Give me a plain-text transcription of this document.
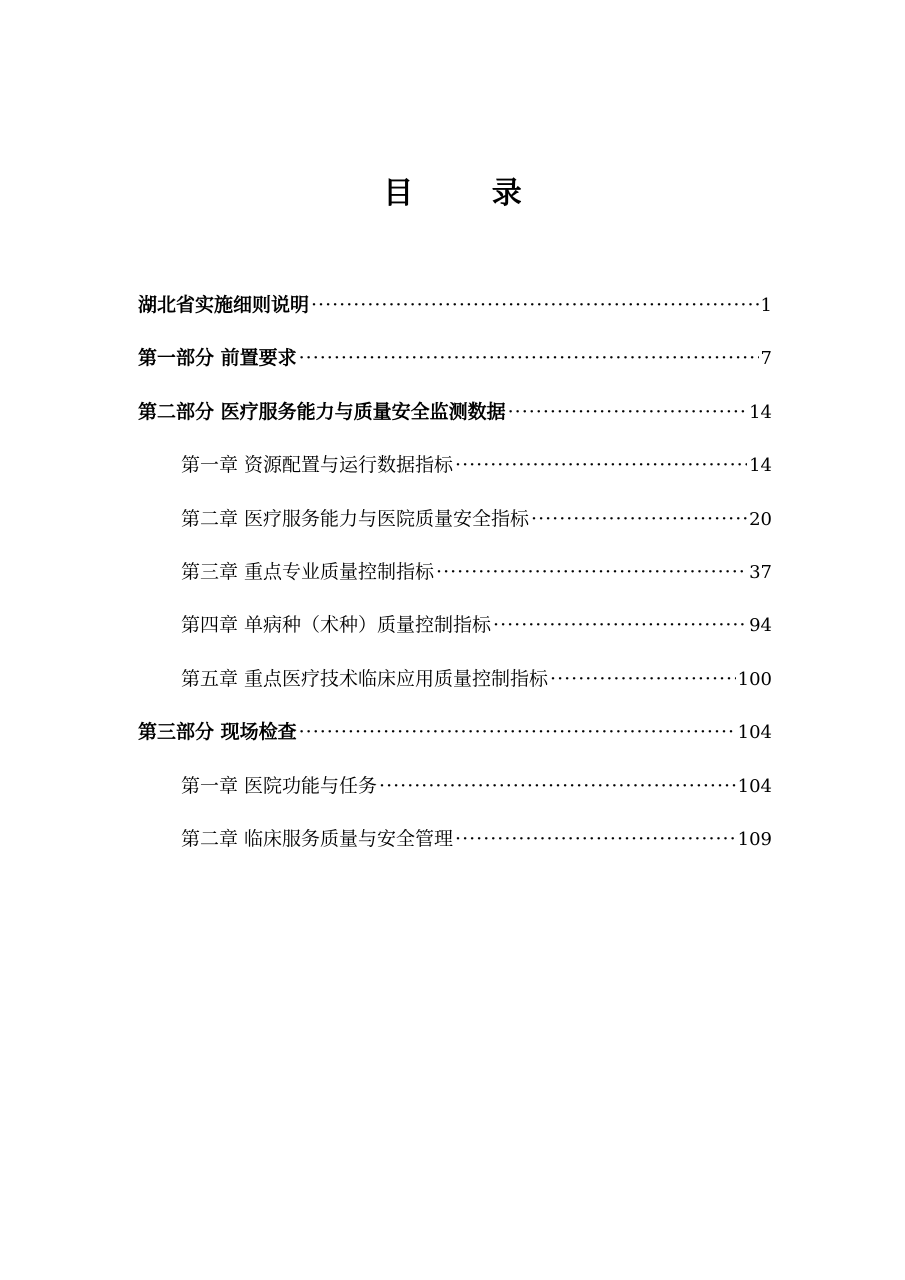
目 录
湖北省实施细则说明 ·····	1
第一部分 前置要求 ·····	7
第二部分 医疗服务能力与质量安全监测数据 ·····	14
第一章 资源配置与运行数据指标 ·····	14
第二章 医疗服务能力与医院质量安全指标 ·····	20
第三章 重点专业质量控制指标 ·····	37
第四章 单病种（术种）质量控制指标 ·····	94
第五章 重点医疗技术临床应用质量控制指标 ·····	100
第三部分 现场检查 ·····	104
第一章 医院功能与任务 ·····	104
第二章 临床服务质量与安全管理 ·····	109
